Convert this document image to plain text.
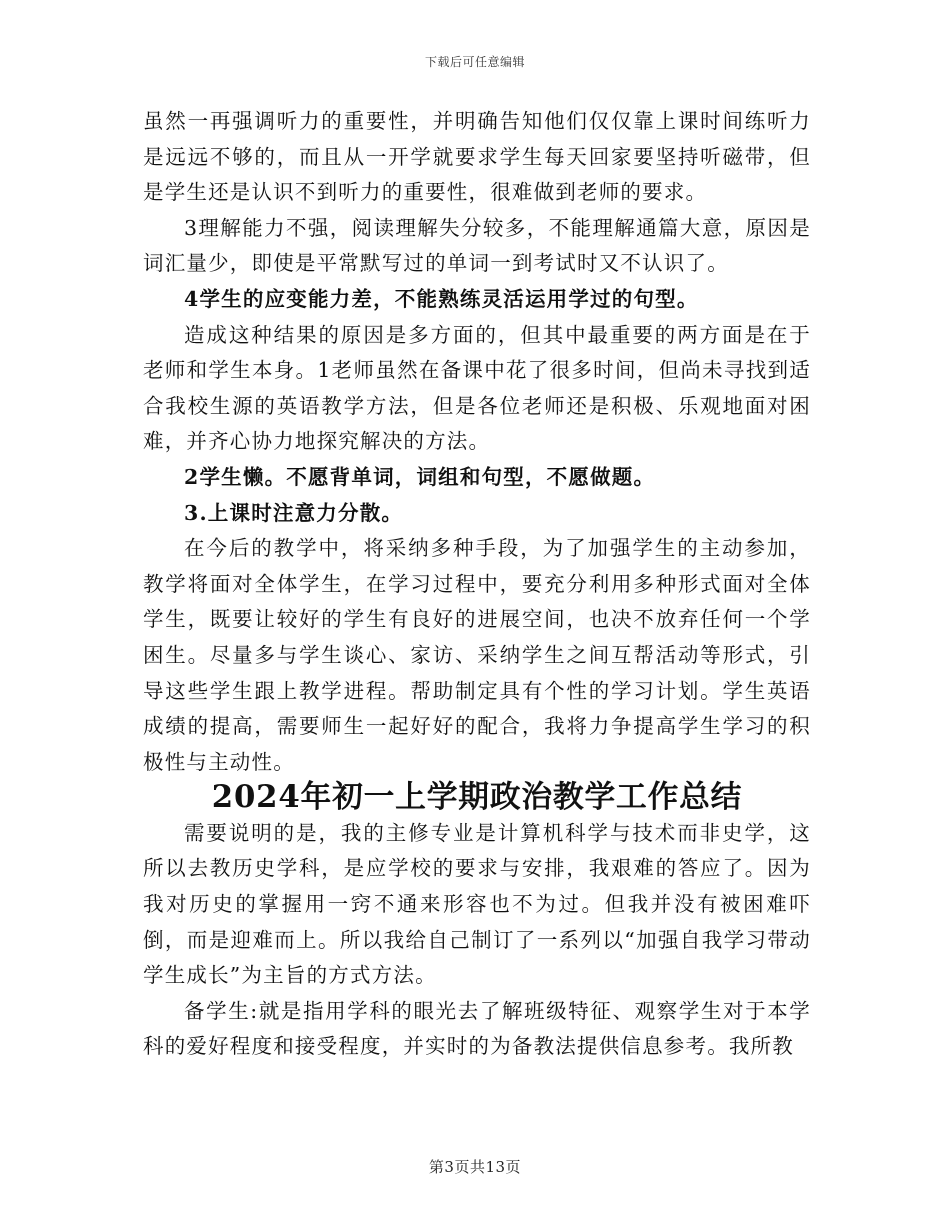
下载后可任意编辑

虽然一再强调听力的重要性，并明确告知他们仅仅靠上课时间练听力是远远不够的，而且从一开学就要求学生每天回家要坚持听磁带，但是学生还是认识不到听力的重要性，很难做到老师的要求。

3理解能力不强，阅读理解失分较多，不能理解通篇大意，原因是词汇量少，即使是平常默写过的单词一到考试时又不认识了。

4学生的应变能力差，不能熟练灵活运用学过的句型。

造成这种结果的原因是多方面的，但其中最重要的两方面是在于老师和学生本身。1老师虽然在备课中花了很多时间，但尚未寻找到适合我校生源的英语教学方法，但是各位老师还是积极、乐观地面对困难，并齐心协力地探究解决的方法。

2学生懒。不愿背单词，词组和句型，不愿做题。

3.上课时注意力分散。

在今后的教学中，将采纳多种手段，为了加强学生的主动参加，教学将面对全体学生，在学习过程中，要充分利用多种形式面对全体学生，既要让较好的学生有良好的进展空间，也决不放弃任何一个学困生。尽量多与学生谈心、家访、采纳学生之间互帮活动等形式，引导这些学生跟上教学进程。帮助制定具有个性的学习计划。学生英语成绩的提高，需要师生一起好好的配合，我将力争提高学生学习的积极性与主动性。

2024年初一上学期政治教学工作总结

需要说明的是，我的主修专业是计算机科学与技术而非史学，这所以去教历史学科，是应学校的要求与安排，我艰难的答应了。因为我对历史的掌握用一窍不通来形容也不为过。但我并没有被困难吓倒，而是迎难而上。所以我给自己制订了一系列以“加强自我学习带动学生成长”为主旨的方式方法。

备学生:就是指用学科的眼光去了解班级特征、观察学生对于本学科的爱好程度和接受程度，并实时的为备教法提供信息参考。我所教

第3页共13页
